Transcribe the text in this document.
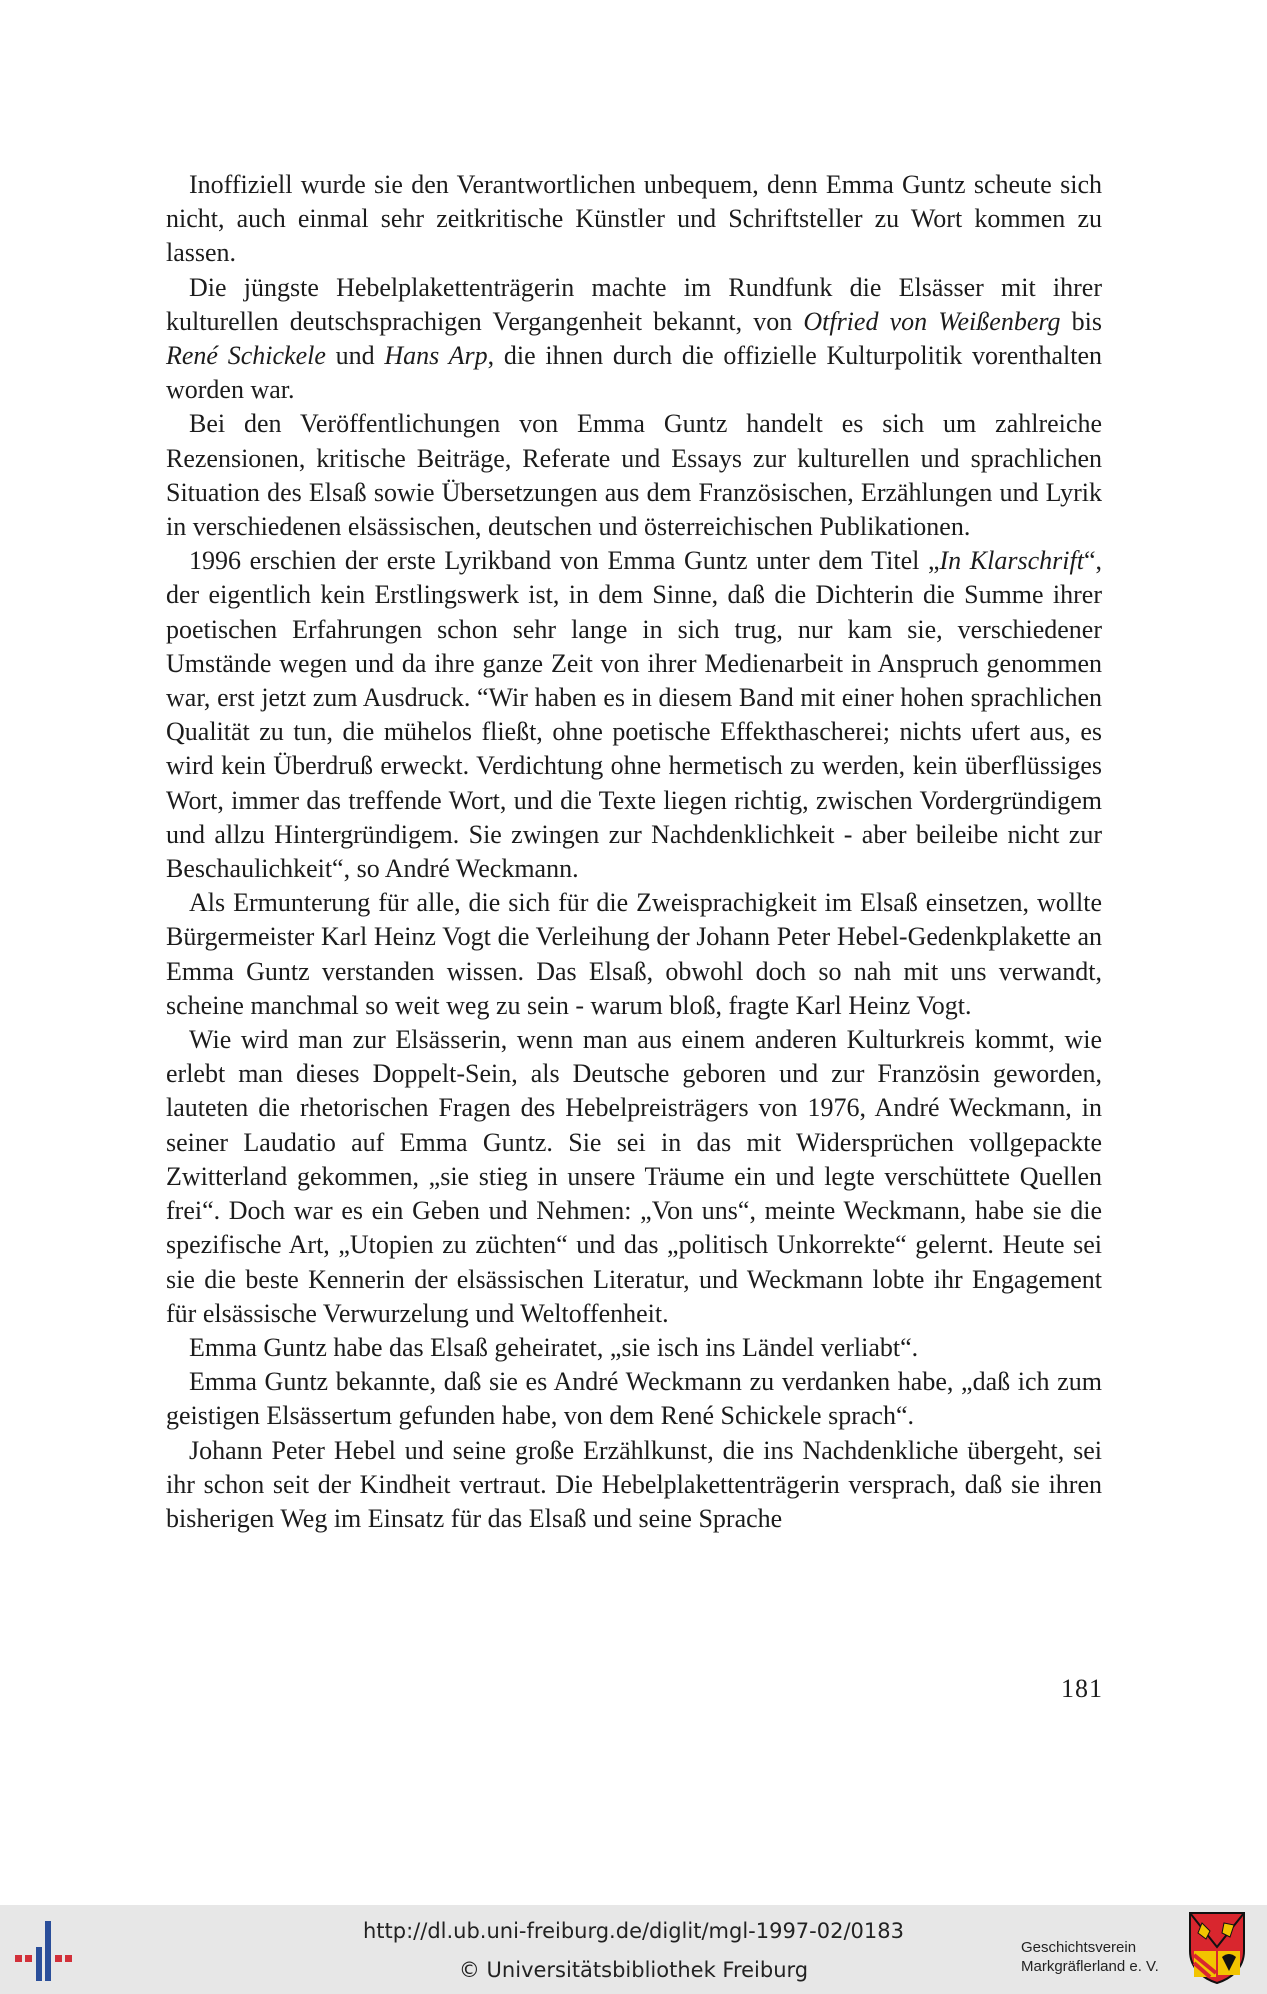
Inoffiziell wurde sie den Verantwortlichen unbequem, denn Emma Guntz scheute sich nicht, auch einmal sehr zeitkritische Künstler und Schriftsteller zu Wort kommen zu lassen.

Die jüngste Hebelplakettenträgerin machte im Rundfunk die Elsässer mit ihrer kulturellen deutschsprachigen Vergangenheit bekannt, von Otfried von Weißenberg bis René Schickele und Hans Arp, die ihnen durch die offizielle Kulturpolitik vorenthalten worden war.

Bei den Veröffentlichungen von Emma Guntz handelt es sich um zahlreiche Rezensionen, kritische Beiträge, Referate und Essays zur kulturellen und sprachlichen Situation des Elsaß sowie Übersetzungen aus dem Französischen, Erzählungen und Lyrik in verschiedenen elsässischen, deutschen und österreichischen Publikationen.

1996 erschien der erste Lyrikband von Emma Guntz unter dem Titel „In Klarschrift“, der eigentlich kein Erstlingswerk ist, in dem Sinne, daß die Dichterin die Summe ihrer poetischen Erfahrungen schon sehr lange in sich trug, nur kam sie, verschiedener Umstände wegen und da ihre ganze Zeit von ihrer Medienarbeit in Anspruch genommen war, erst jetzt zum Ausdruck. “Wir haben es in diesem Band mit einer hohen sprachlichen Qualität zu tun, die mühelos fließt, ohne poetische Effekthascherei; nichts ufert aus, es wird kein Überdruß erweckt. Verdichtung ohne hermetisch zu werden, kein überflüssiges Wort, immer das treffende Wort, und die Texte liegen richtig, zwischen Vordergründigem und allzu Hintergründigem. Sie zwingen zur Nachdenklichkeit - aber beileibe nicht zur Beschaulichkeit“, so André Weckmann.

Als Ermunterung für alle, die sich für die Zweisprachigkeit im Elsaß einsetzen, wollte Bürgermeister Karl Heinz Vogt die Verleihung der Johann Peter Hebel-Gedenkplakette an Emma Guntz verstanden wissen. Das Elsaß, obwohl doch so nah mit uns verwandt, scheine manchmal so weit weg zu sein - warum bloß, fragte Karl Heinz Vogt.

Wie wird man zur Elsässerin, wenn man aus einem anderen Kulturkreis kommt, wie erlebt man dieses Doppelt-Sein, als Deutsche geboren und zur Französin geworden, lauteten die rhetorischen Fragen des Hebelpreisträgers von 1976, André Weckmann, in seiner Laudatio auf Emma Guntz. Sie sei in das mit Widersprüchen vollgepackte Zwitterland gekommen, „sie stieg in unsere Träume ein und legte verschüttete Quellen frei“. Doch war es ein Geben und Nehmen: „Von uns“, meinte Weckmann, habe sie die spezifische Art, „Utopien zu züchten“ und das „politisch Unkorrekte“ gelernt. Heute sei sie die beste Kennerin der elsässischen Literatur, und Weckmann lobte ihr Engagement für elsässische Verwurzelung und Weltoffenheit.

Emma Guntz habe das Elsaß geheiratet, „sie isch ins Ländel verliabt“.

Emma Guntz bekannte, daß sie es André Weckmann zu verdanken habe, „daß ich zum geistigen Elsässertum gefunden habe, von dem René Schickele sprach“.

Johann Peter Hebel und seine große Erzählkunst, die ins Nachdenkliche übergeht, sei ihr schon seit der Kindheit vertraut. Die Hebelplakettenträgerin versprach, daß sie ihren bisherigen Weg im Einsatz für das Elsaß und seine Sprache

181
http://dl.ub.uni-freiburg.de/diglit/mgl-1997-02/0183
© Universitätsbibliothek Freiburg
Geschichtsverein
Markgräflerland e. V.
